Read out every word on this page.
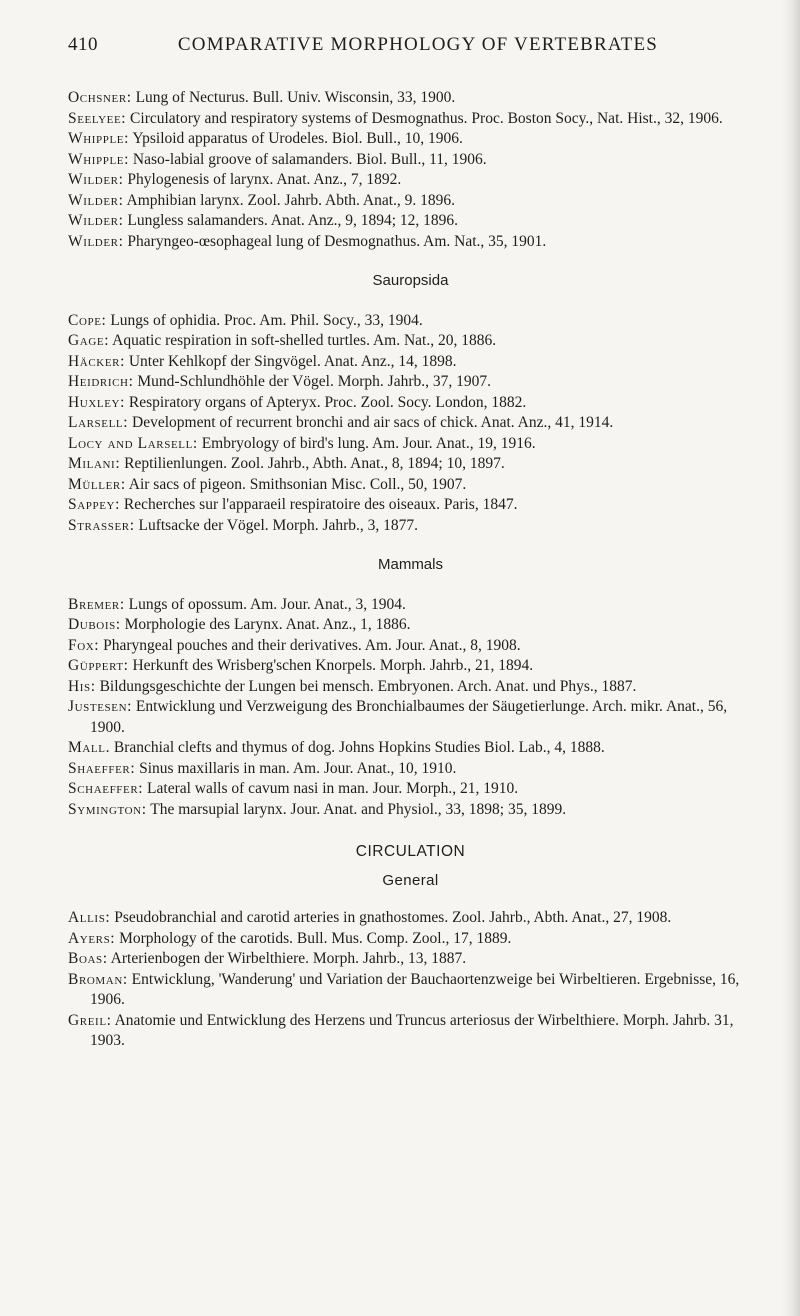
410	COMPARATIVE MORPHOLOGY OF VERTEBRATES

Ochsner: Lung of Necturus. Bull. Univ. Wisconsin, 33, 1900.

Seelyee: Circulatory and respiratory systems of Desmognathus. Proc. Boston Socy., Nat. Hist., 32, 1906.

Whipple: Ypsiloid apparatus of Urodeles. Biol. Bull., 10, 1906.

Whipple: Naso-labial groove of salamanders. Biol. Bull., 11, 1906.

Wilder: Phylogenesis of larynx. Anat. Anz., 7, 1892.

Wilder: Amphibian larynx. Zool. Jahrb. Abth. Anat., 9. 1896.

Wilder: Lungless salamanders. Anat. Anz., 9, 1894; 12, 1896.

Wilder: Pharyngeo-œsophageal lung of Desmognathus. Am. Nat., 35, 1901.

Sauropsida

Cope: Lungs of ophidia. Proc. Am. Phil. Socy., 33, 1904.

Gage: Aquatic respiration in soft-shelled turtles. Am. Nat., 20, 1886.

Häcker: Unter Kehlkopf der Singvögel. Anat. Anz., 14, 1898.

Heidrich: Mund-Schlundhöhle der Vögel. Morph. Jahrb., 37, 1907.

Huxley: Respiratory organs of Apteryx. Proc. Zool. Socy. London, 1882.

Larsell: Development of recurrent bronchi and air sacs of chick. Anat. Anz., 41, 1914.

Locy and Larsell: Embryology of bird's lung. Am. Jour. Anat., 19, 1916.

Milani: Reptilienlungen. Zool. Jahrb., Abth. Anat., 8, 1894; 10, 1897.

Müller: Air sacs of pigeon. Smithsonian Misc. Coll., 50, 1907.

Sappey: Recherches sur l'apparaeil respiratoire des oiseaux. Paris, 1847.

Strasser: Luftsacke der Vögel. Morph. Jahrb., 3, 1877.

Mammals

Bremer: Lungs of opossum. Am. Jour. Anat., 3, 1904.

Dubois: Morphologie des Larynx. Anat. Anz., 1, 1886.

Fox: Pharyngeal pouches and their derivatives. Am. Jour. Anat., 8, 1908.

Güppert: Herkunft des Wrisberg'schen Knorpels. Morph. Jahrb., 21, 1894.

His: Bildungsgeschichte der Lungen bei mensch. Embryonen. Arch. Anat. und Phys., 1887.

Justesen: Entwicklung und Verzweigung des Bronchialbaumes der Säugetierlunge. Arch. mikr. Anat., 56, 1900.

Mall. Branchial clefts and thymus of dog. Johns Hopkins Studies Biol. Lab., 4, 1888.

Shaeffer: Sinus maxillaris in man. Am. Jour. Anat., 10, 1910.

Schaeffer: Lateral walls of cavum nasi in man. Jour. Morph., 21, 1910.

Symington: The marsupial larynx. Jour. Anat. and Physiol., 33, 1898; 35, 1899.

CIRCULATION
General

Allis: Pseudobranchial and carotid arteries in gnathostomes. Zool. Jahrb., Abth. Anat., 27, 1908.

Ayers: Morphology of the carotids. Bull. Mus. Comp. Zool., 17, 1889.

Boas: Arterienbogen der Wirbelthiere. Morph. Jahrb., 13, 1887.

Broman: Entwicklung, 'Wanderung' und Variation der Bauchaortenzweige bei Wirbeltieren. Ergebnisse, 16, 1906.

Greil: Anatomie und Entwicklung des Herzens und Truncus arteriosus der Wirbelthiere. Morph. Jahrb. 31, 1903.
